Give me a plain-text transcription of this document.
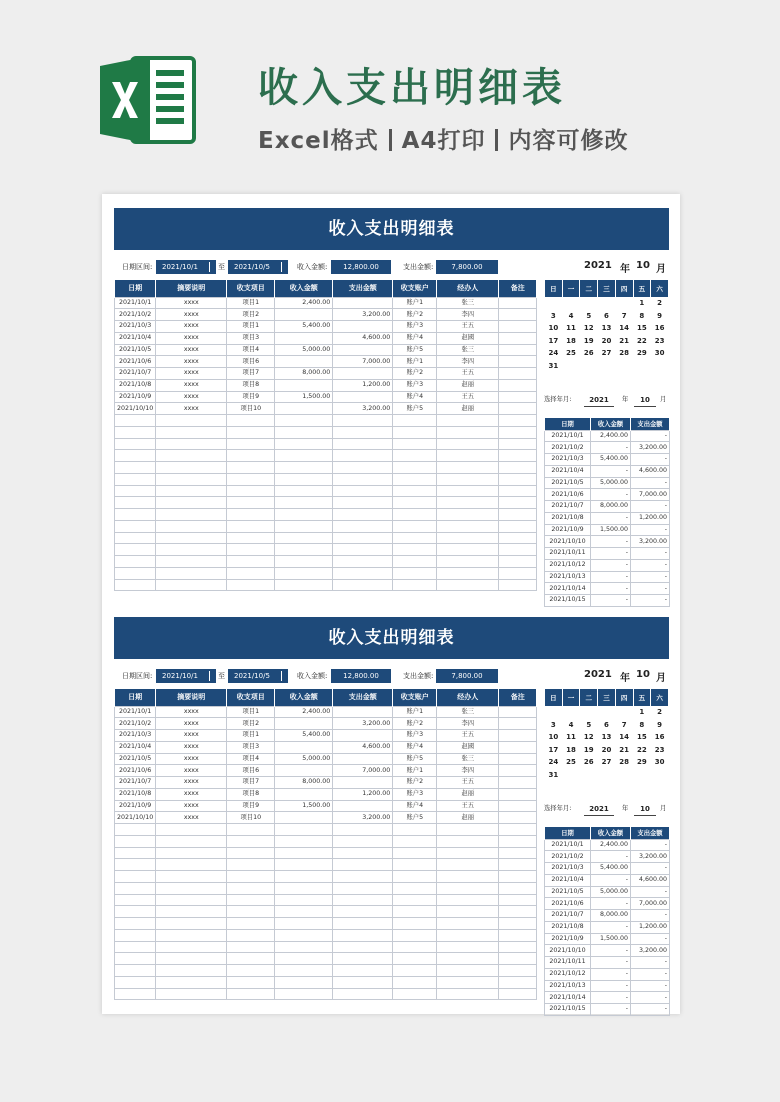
收入支出明细表
Excel格式 A4打印 内容可修改
收入支出明细表
日期区间:	2021/10/1	至	2021/10/5	收入金额:	12,800.00	支出金额:	7,800.00
日期	摘要说明	收支项目	收入金额	支出金额	收支账户	经办人	备注
2021/10/1	xxxx	项目1	2,400.00		账户1	张三	
2021/10/2	xxxx	项目2		3,200.00	账户2	李四	
2021/10/3	xxxx	项目1	5,400.00		账户3	王五	
2021/10/4	xxxx	项目3		4,600.00	账户4	赵國	
2021/10/5	xxxx	项目4	5,000.00		账户5	张三	
2021/10/6	xxxx	项目6		7,000.00	账户1	李四	
2021/10/7	xxxx	项目7	8,000.00		账户2	王五	
2021/10/8	xxxx	项目8		1,200.00	账户3	赵丽	
2021/10/9	xxxx	项目9	1,500.00		账户4	王五	
2021/10/10	xxxx	项目10		3,200.00	账户5	赵丽	

2021 年 10 月
日	一	二	三	四	五	六
					1	2
3	4	5	6	7	8	9
10	11	12	13	14	15	16
17	18	19	20	21	22	23
24	25	26	27	28	29	30
31						
选择年月:	2021	年	10	月
日期	收入金额	支出金额
2021/10/1	2,400.00	-
2021/10/2	-	3,200.00
2021/10/3	5,400.00	-
2021/10/4	-	4,600.00
2021/10/5	5,000.00	-
2021/10/6	-	7,000.00
2021/10/7	8,000.00	-
2021/10/8	-	1,200.00
2021/10/9	1,500.00	-
2021/10/10	-	3,200.00
2021/10/11	-	-
2021/10/12	-	-
2021/10/13	-	-
2021/10/14	-	-
2021/10/15	-	-
收入支出明细表
日期区间:	2021/10/1	至	2021/10/5	收入金额:	12,800.00	支出金额:	7,800.00
日期	摘要说明	收支项目	收入金额	支出金额	收支账户	经办人	备注
2021/10/1	xxxx	项目1	2,400.00		账户1	张三	
2021/10/2	xxxx	项目2		3,200.00	账户2	李四	
2021/10/3	xxxx	项目1	5,400.00		账户3	王五	
2021/10/4	xxxx	项目3		4,600.00	账户4	赵國	
2021/10/5	xxxx	项目4	5,000.00		账户5	张三	
2021/10/6	xxxx	项目6		7,000.00	账户1	李四	
2021/10/7	xxxx	项目7	8,000.00		账户2	王五	
2021/10/8	xxxx	项目8		1,200.00	账户3	赵丽	
2021/10/9	xxxx	项目9	1,500.00		账户4	王五	
2021/10/10	xxxx	项目10		3,200.00	账户5	赵丽	

2021 年 10 月
日	一	二	三	四	五	六
					1	2
3	4	5	6	7	8	9
10	11	12	13	14	15	16
17	18	19	20	21	22	23
24	25	26	27	28	29	30
31						
选择年月:	2021	年	10	月
日期	收入金额	支出金额
2021/10/1	2,400.00	-
2021/10/2	-	3,200.00
2021/10/3	5,400.00	-
2021/10/4	-	4,600.00
2021/10/5	5,000.00	-
2021/10/6	-	7,000.00
2021/10/7	8,000.00	-
2021/10/8	-	1,200.00
2021/10/9	1,500.00	-
2021/10/10	-	3,200.00
2021/10/11	-	-
2021/10/12	-	-
2021/10/13	-	-
2021/10/14	-	-
2021/10/15	-	-
